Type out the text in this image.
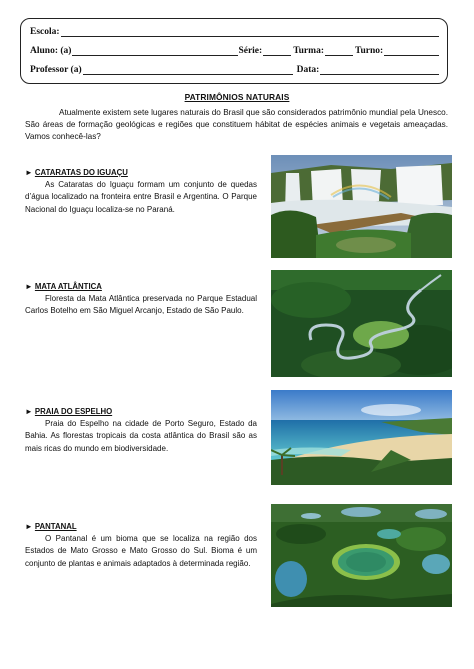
Escola:
Aluno: (a)	Série:	Turma:	Turno:
Professor (a)	Data:
PATRIMÔNIOS NATURAIS
Atualmente existem sete lugares naturais do Brasil que são considerados patrimônio mundial pela Unesco. São áreas de formação geológicas e regiões que constituem hábitat de espécies animais e vegetais ameaçadas. Vamos conhecê-las?
► CATARATAS DO IGUAÇU
As Cataratas do Iguaçu formam um conjunto de quedas d’água localizado na fronteira entre Brasil e Argentina. O Parque Nacional do Iguaçu localiza-se no Paraná.
► MATA ATLÂNTICA
Floresta da Mata Atlântica preservada no Parque Estadual Carlos Botelho em São Miguel Arcanjo, Estado de São Paulo.
► PRAIA DO ESPELHO
Praia do Espelho na cidade de Porto Seguro, Estado da Bahia. As florestas tropicais da costa atlântica do Brasil são as mais ricas do mundo em biodiversidade.
► PANTANAL
O Pantanal é um bioma que se localiza na região dos Estados de Mato Grosso e Mato Grosso do Sul. Bioma é um conjunto de plantas e animais adaptados à determinada região.
